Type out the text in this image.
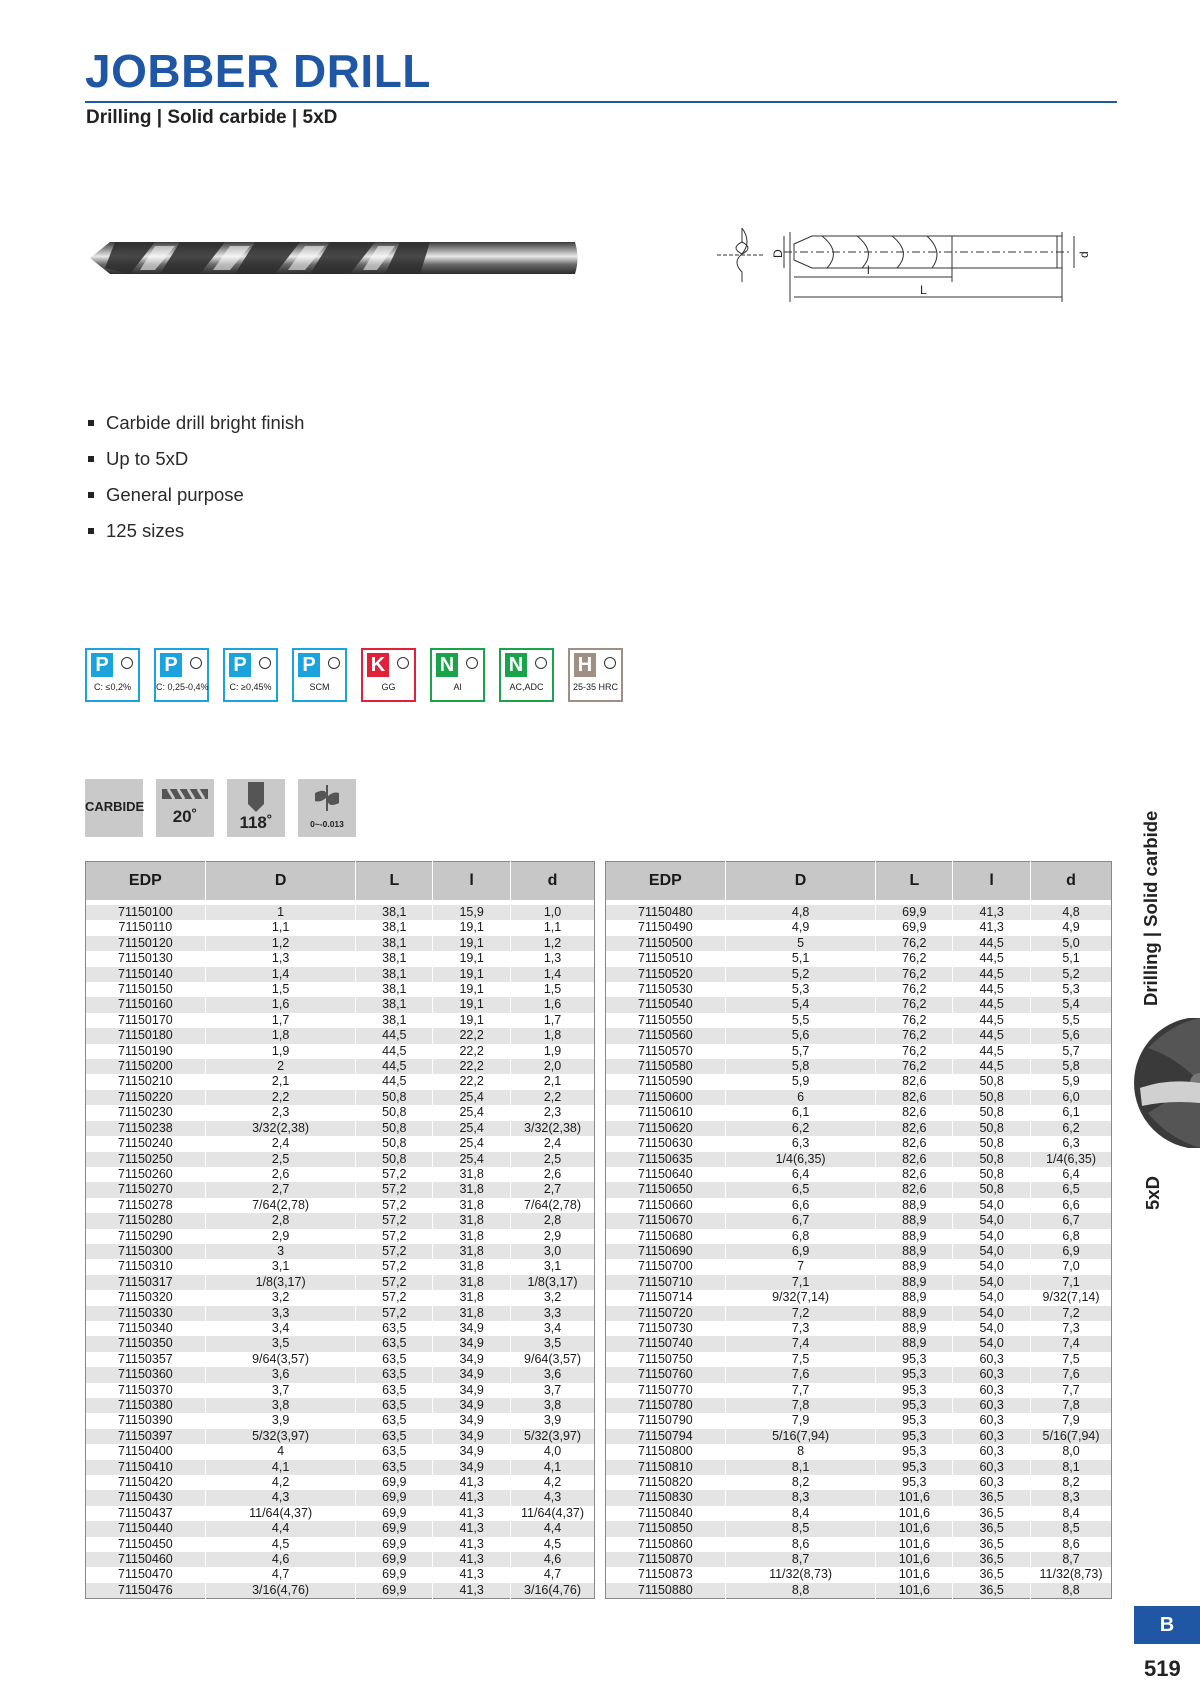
JOBBER DRILL
Drilling | Solid carbide | 5xD
D	d
l
L
Carbide drill bright finish
Up to 5xD
General purpose
125 sizes
P
C: ≤0,2%
P
C: 0,25-0,4%
P
C: ≥0,45%
P
SCM
K
GG
N
Al
N
AC,ADC
H
25-35 HRC
CARBIDE
20˚	118˚	0~-0.013
EDP	D	L	l	d

71150100	1	38,1	15,9	1,0
71150110	1,1	38,1	19,1	1,1
71150120	1,2	38,1	19,1	1,2
71150130	1,3	38,1	19,1	1,3
71150140	1,4	38,1	19,1	1,4
71150150	1,5	38,1	19,1	1,5
71150160	1,6	38,1	19,1	1,6
71150170	1,7	38,1	19,1	1,7
71150180	1,8	44,5	22,2	1,8
71150190	1,9	44,5	22,2	1,9
71150200	2	44,5	22,2	2,0
71150210	2,1	44,5	22,2	2,1
71150220	2,2	50,8	25,4	2,2
71150230	2,3	50,8	25,4	2,3
71150238	3/32(2,38)	50,8	25,4	3/32(2,38)
71150240	2,4	50,8	25,4	2,4
71150250	2,5	50,8	25,4	2,5
71150260	2,6	57,2	31,8	2,6
71150270	2,7	57,2	31,8	2,7
71150278	7/64(2,78)	57,2	31,8	7/64(2,78)
71150280	2,8	57,2	31,8	2,8
71150290	2,9	57,2	31,8	2,9
71150300	3	57,2	31,8	3,0
71150310	3,1	57,2	31,8	3,1
71150317	1/8(3,17)	57,2	31,8	1/8(3,17)
71150320	3,2	57,2	31,8	3,2
71150330	3,3	57,2	31,8	3,3
71150340	3,4	63,5	34,9	3,4
71150350	3,5	63,5	34,9	3,5
71150357	9/64(3,57)	63,5	34,9	9/64(3,57)
71150360	3,6	63,5	34,9	3,6
71150370	3,7	63,5	34,9	3,7
71150380	3,8	63,5	34,9	3,8
71150390	3,9	63,5	34,9	3,9
71150397	5/32(3,97)	63,5	34,9	5/32(3,97)
71150400	4	63,5	34,9	4,0
71150410	4,1	63,5	34,9	4,1
71150420	4,2	69,9	41,3	4,2
71150430	4,3	69,9	41,3	4,3
71150437	11/64(4,37)	69,9	41,3	11/64(4,37)
71150440	4,4	69,9	41,3	4,4
71150450	4,5	69,9	41,3	4,5
71150460	4,6	69,9	41,3	4,6
71150470	4,7	69,9	41,3	4,7
71150476	3/16(4,76)	69,9	41,3	3/16(4,76)
EDP	D	L	l	d

71150480	4,8	69,9	41,3	4,8
71150490	4,9	69,9	41,3	4,9
71150500	5	76,2	44,5	5,0
71150510	5,1	76,2	44,5	5,1
71150520	5,2	76,2	44,5	5,2
71150530	5,3	76,2	44,5	5,3
71150540	5,4	76,2	44,5	5,4
71150550	5,5	76,2	44,5	5,5
71150560	5,6	76,2	44,5	5,6
71150570	5,7	76,2	44,5	5,7
71150580	5,8	76,2	44,5	5,8
71150590	5,9	82,6	50,8	5,9
71150600	6	82,6	50,8	6,0
71150610	6,1	82,6	50,8	6,1
71150620	6,2	82,6	50,8	6,2
71150630	6,3	82,6	50,8	6,3
71150635	1/4(6,35)	82,6	50,8	1/4(6,35)
71150640	6,4	82,6	50,8	6,4
71150650	6,5	82,6	50,8	6,5
71150660	6,6	88,9	54,0	6,6
71150670	6,7	88,9	54,0	6,7
71150680	6,8	88,9	54,0	6,8
71150690	6,9	88,9	54,0	6,9
71150700	7	88,9	54,0	7,0
71150710	7,1	88,9	54,0	7,1
71150714	9/32(7,14)	88,9	54,0	9/32(7,14)
71150720	7,2	88,9	54,0	7,2
71150730	7,3	88,9	54,0	7,3
71150740	7,4	88,9	54,0	7,4
71150750	7,5	95,3	60,3	7,5
71150760	7,6	95,3	60,3	7,6
71150770	7,7	95,3	60,3	7,7
71150780	7,8	95,3	60,3	7,8
71150790	7,9	95,3	60,3	7,9
71150794	5/16(7,94)	95,3	60,3	5/16(7,94)
71150800	8	95,3	60,3	8,0
71150810	8,1	95,3	60,3	8,1
71150820	8,2	95,3	60,3	8,2
71150830	8,3	101,6	36,5	8,3
71150840	8,4	101,6	36,5	8,4
71150850	8,5	101,6	36,5	8,5
71150860	8,6	101,6	36,5	8,6
71150870	8,7	101,6	36,5	8,7
71150873	11/32(8,73)	101,6	36,5	11/32(8,73)
71150880	8,8	101,6	36,5	8,8
Drilling | Solid carbide
5xD
B
519
